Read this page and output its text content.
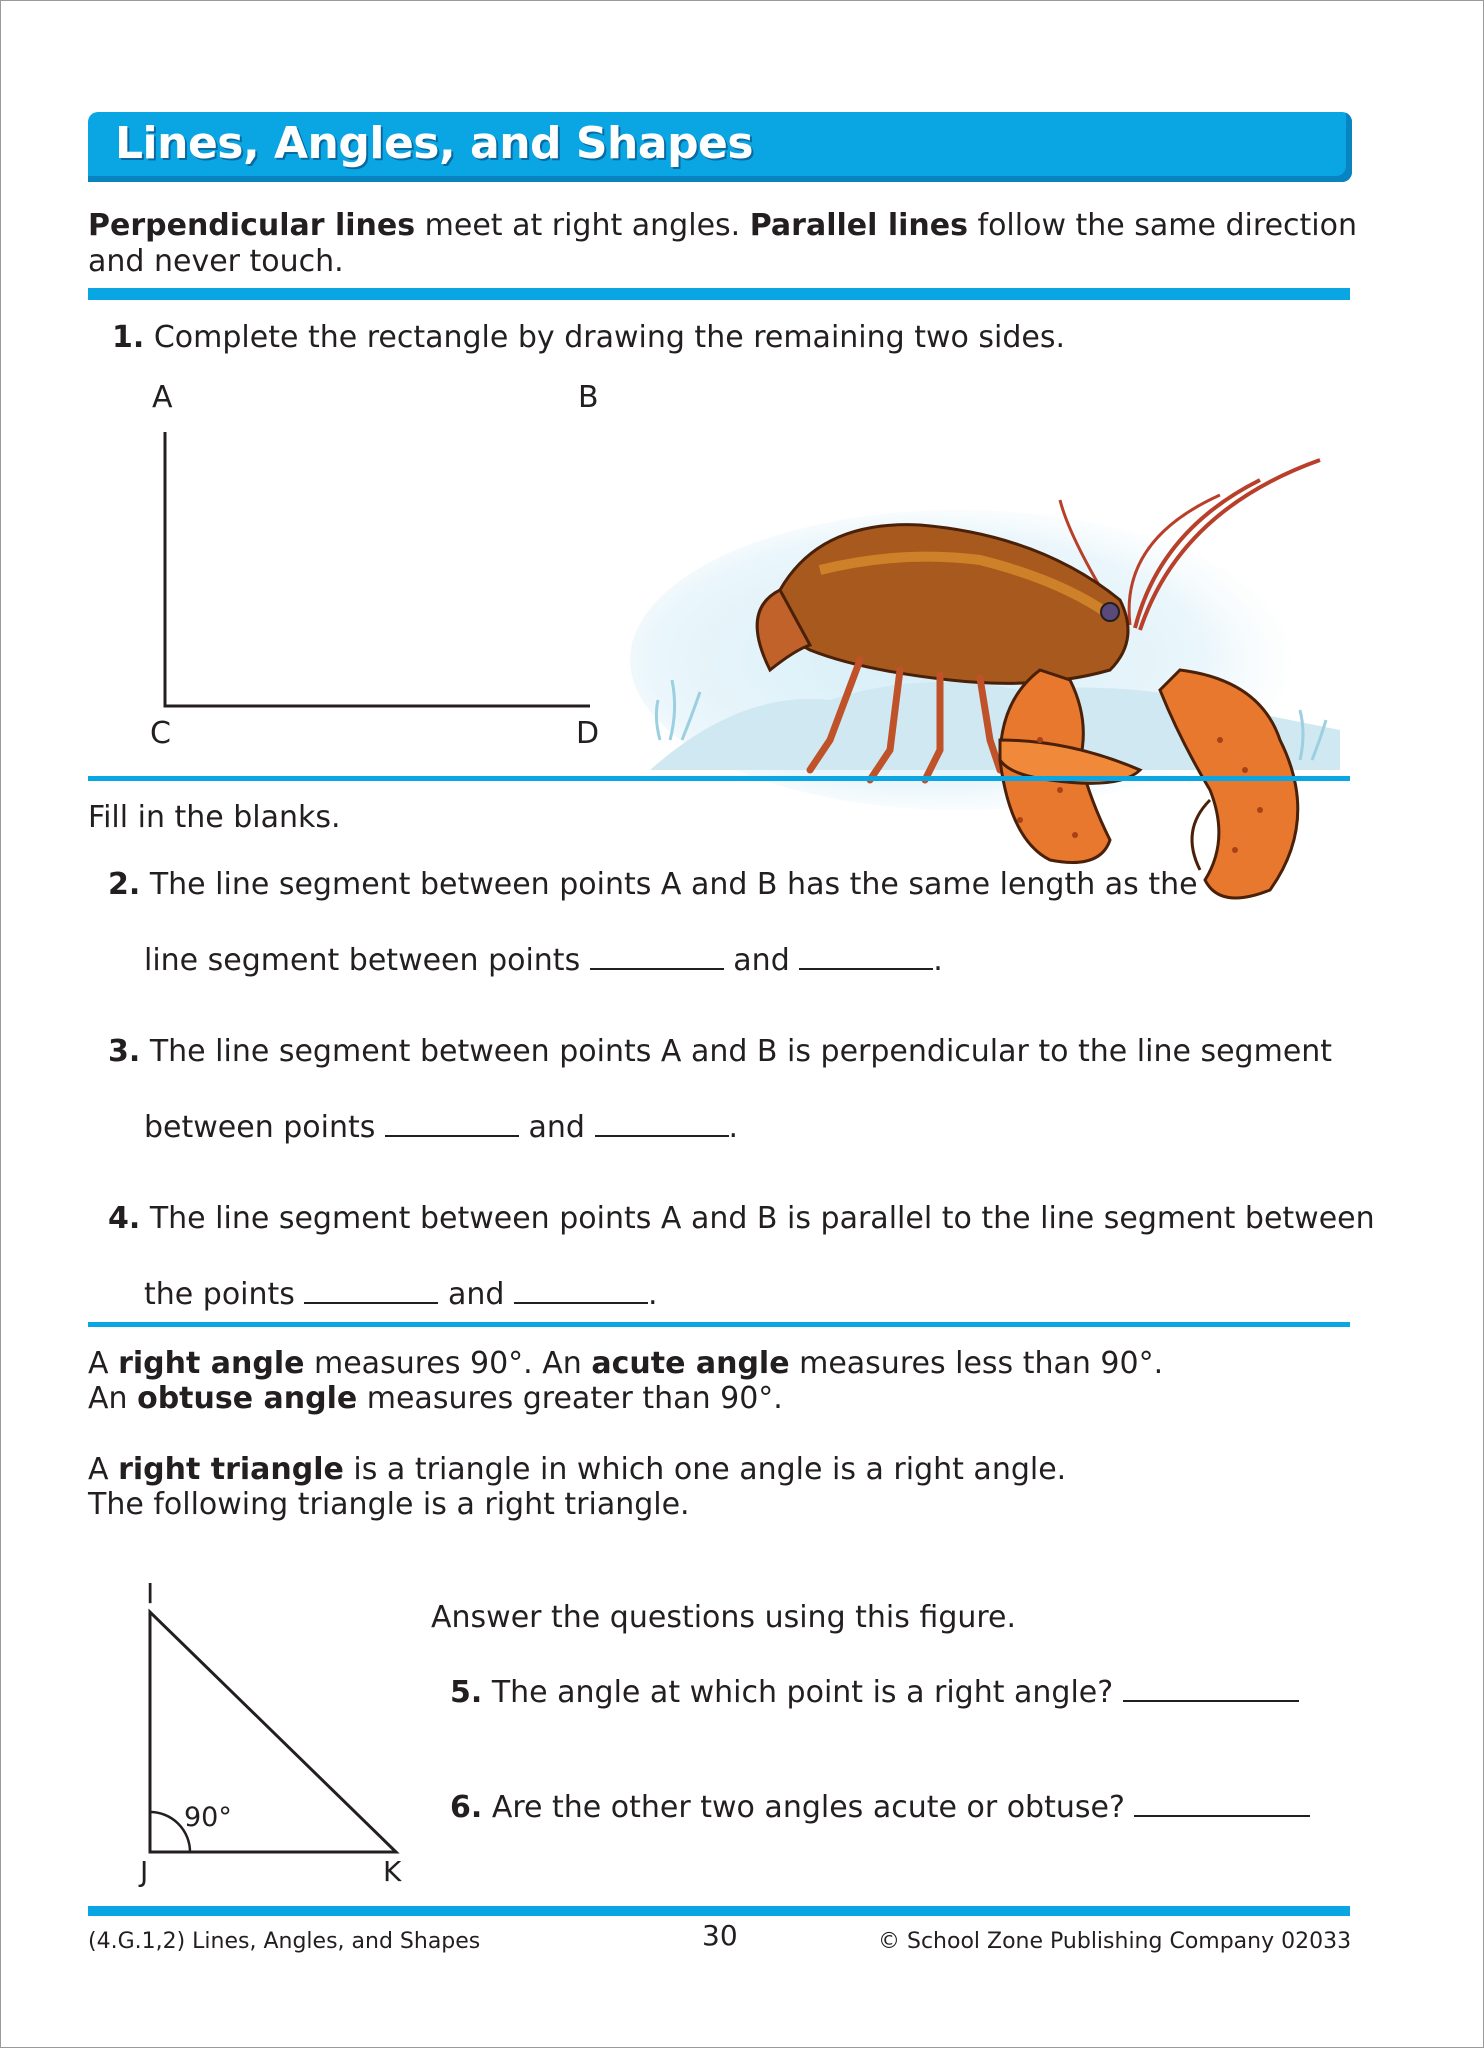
Lines, Angles, and Shapes
Perpendicular lines meet at right angles. Parallel lines follow the same direction
and never touch.
1. Complete the rectangle by drawing the remaining two sides.
A	B
C	D
Fill in the blanks.
2. The line segment between points A and B has the same length as the
line segment between points	and	.
3. The line segment between points A and B is perpendicular to the line segment
between points	and	.
4. The line segment between points A and B is parallel to the line segment between
the points	and	.
A right angle measures 90°. An acute angle measures less than 90°.
An obtuse angle measures greater than 90°.
A right triangle is a triangle in which one angle is a right angle.
The following triangle is a right triangle.
I
90°
J	K
Answer the questions using this figure.
5. The angle at which point is a right angle?
6. Are the other two angles acute or obtuse?
(4.G.1,2) Lines, Angles, and Shapes	30	© School Zone Publishing Company 02033
